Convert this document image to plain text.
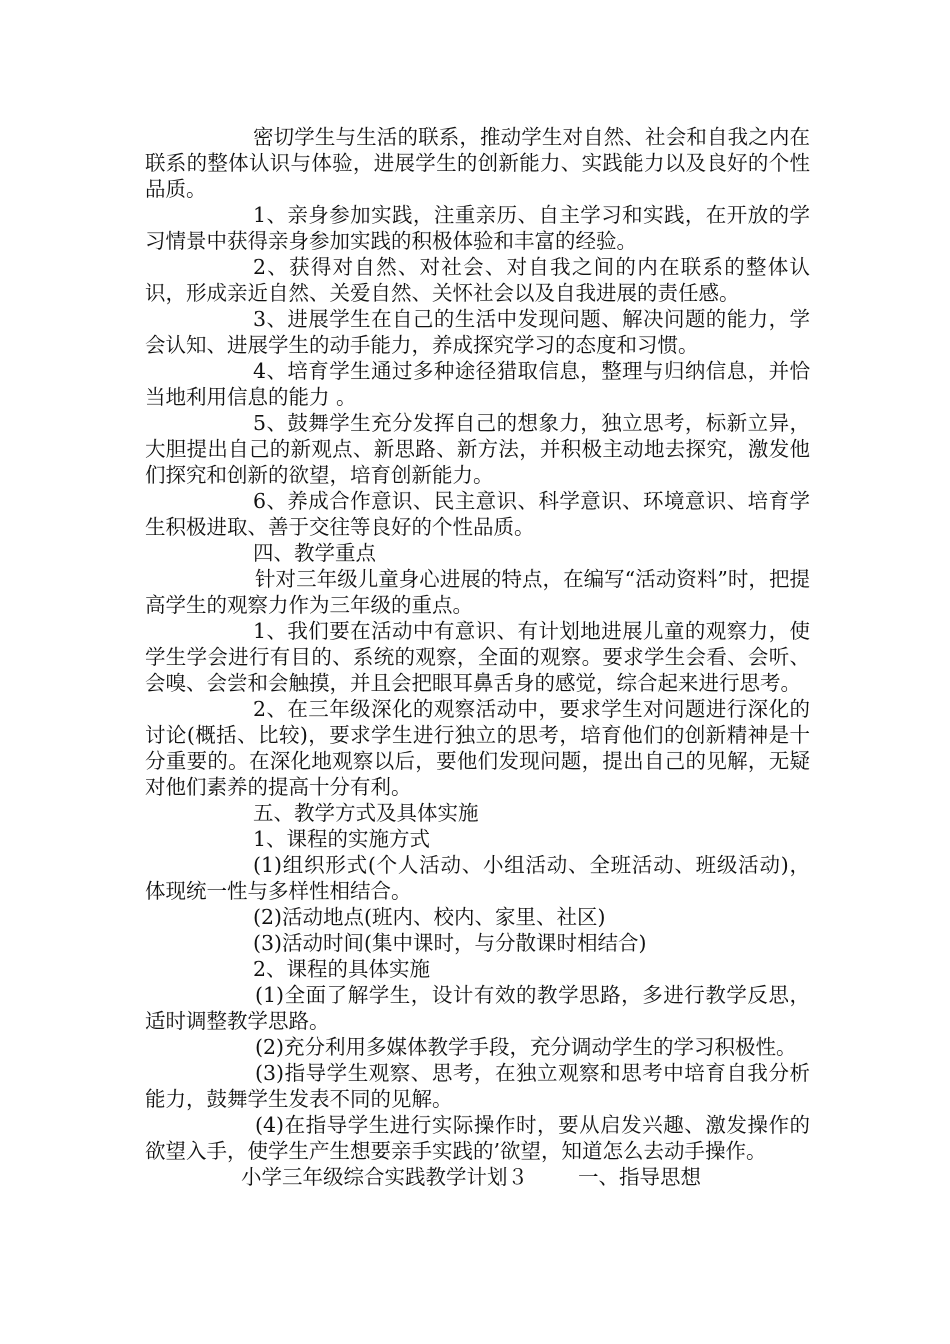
密切学生与生活的联系，推动学生对自然、社会和自我之内在联系的整体认识与体验，进展学生的创新能力、实践能力以及良好的个性品质。

1、亲身参加实践，注重亲历、自主学习和实践，在开放的学习情景中获得亲身参加实践的积极体验和丰富的经验。

2、获得对自然、对社会、对自我之间的内在联系的整体认识，形成亲近自然、关爱自然、关怀社会以及自我进展的责任感。

3、进展学生在自己的生活中发现问题、解决问题的能力，学会认知、进展学生的动手能力，养成探究学习的态度和习惯。

4、培育学生通过多种途径猎取信息，整理与归纳信息，并恰当地利用信息的能力 。

5、鼓舞学生充分发挥自己的想象力，独立思考，标新立异，大胆提出自己的新观点、新思路、新方法，并积极主动地去探究，激发他们探究和创新的欲望，培育创新能力。

6、养成合作意识、民主意识、科学意识、环境意识、培育学生积极进取、善于交往等良好的个性品质。

四、教学重点

针对三年级儿童身心进展的特点，在编写“活动资料”时，把提高学生的观察力作为三年级的重点。

1、我们要在活动中有意识、有计划地进展儿童的观察力，使学生学会进行有目的、系统的观察，全面的观察。要求学生会看、会听、会嗅、会尝和会触摸，并且会把眼耳鼻舌身的感觉，综合起来进行思考。

2、在三年级深化的观察活动中，要求学生对问题进行深化的讨论(概括、比较)，要求学生进行独立的思考，培育他们的创新精神是十分重要的。在深化地观察以后，要他们发现问题，提出自己的见解，无疑对他们素养的提高十分有利。

五、教学方式及具体实施

1、课程的实施方式

(1)组织形式(个人活动、小组活动、全班活动、班级活动)，体现统一性与多样性相结合。

(2)活动地点(班内、校内、家里、社区)

(3)活动时间(集中课时，与分散课时相结合)

2、课程的具体实施

(1)全面了解学生，设计有效的教学思路，多进行教学反思，适时调整教学思路。

(2)充分利用多媒体教学手段，充分调动学生的学习积极性。

(3)指导学生观察、思考，在独立观察和思考中培育自我分析能力，鼓舞学生发表不同的见解。

(4)在指导学生进行实际操作时，要从启发兴趣、激发操作的欲望入手，使学生产生想要亲手实践的’欲望，知道怎么去动手操作。

小学三年级综合实践教学计划３ 一、指导思想
